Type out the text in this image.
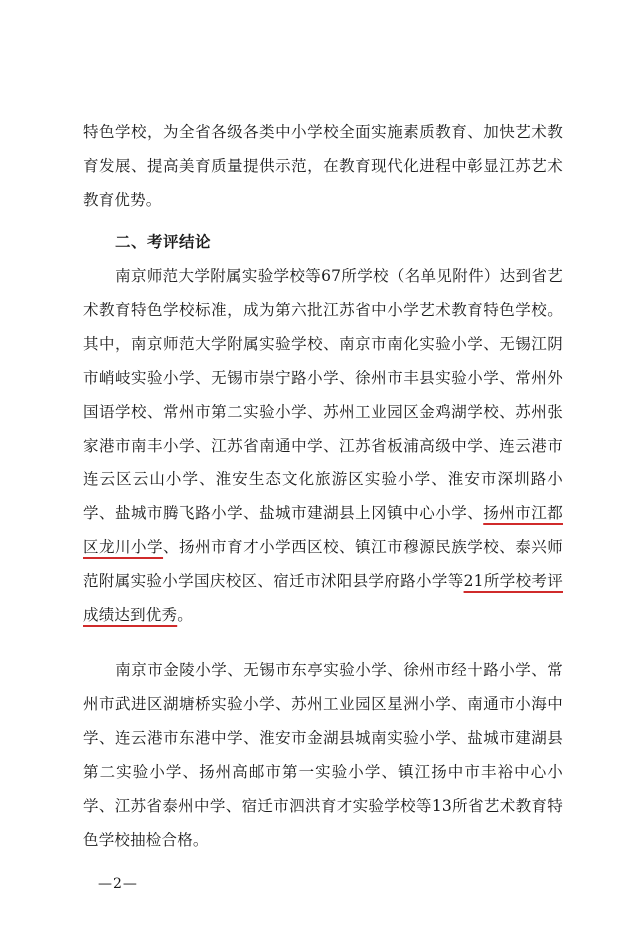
特色学校，为全省各级各类中小学校全面实施素质教育、加快艺术教育发展、提高美育质量提供示范，在教育现代化进程中彰显江苏艺术教育优势。
二、考评结论
南京师范大学附属实验学校等67所学校（名单见附件）达到省艺术教育特色学校标准，成为第六批江苏省中小学艺术教育特色学校。其中，南京师范大学附属实验学校、南京市南化实验小学、无锡江阴市峭岐实验小学、无锡市崇宁路小学、徐州市丰县实验小学、常州外国语学校、常州市第二实验小学、苏州工业园区金鸡湖学校、苏州张家港市南丰小学、江苏省南通中学、江苏省板浦高级中学、连云港市连云区云山小学、淮安生态文化旅游区实验小学、淮安市深圳路小学、盐城市腾飞路小学、盐城市建湖县上冈镇中心小学、扬州市江都区龙川小学、扬州市育才小学西区校、镇江市穆源民族学校、泰兴师范附属实验小学国庆校区、宿迁市沭阳县学府路小学等21所学校考评成绩达到优秀。
南京市金陵小学、无锡市东亭实验小学、徐州市经十路小学、常州市武进区湖塘桥实验小学、苏州工业园区星洲小学、南通市小海中学、连云港市东港中学、淮安市金湖县城南实验小学、盐城市建湖县第二实验小学、扬州高邮市第一实验小学、镇江扬中市丰裕中心小学、江苏省泰州中学、宿迁市泗洪育才实验学校等13所省艺术教育特色学校抽检合格。
—2—
